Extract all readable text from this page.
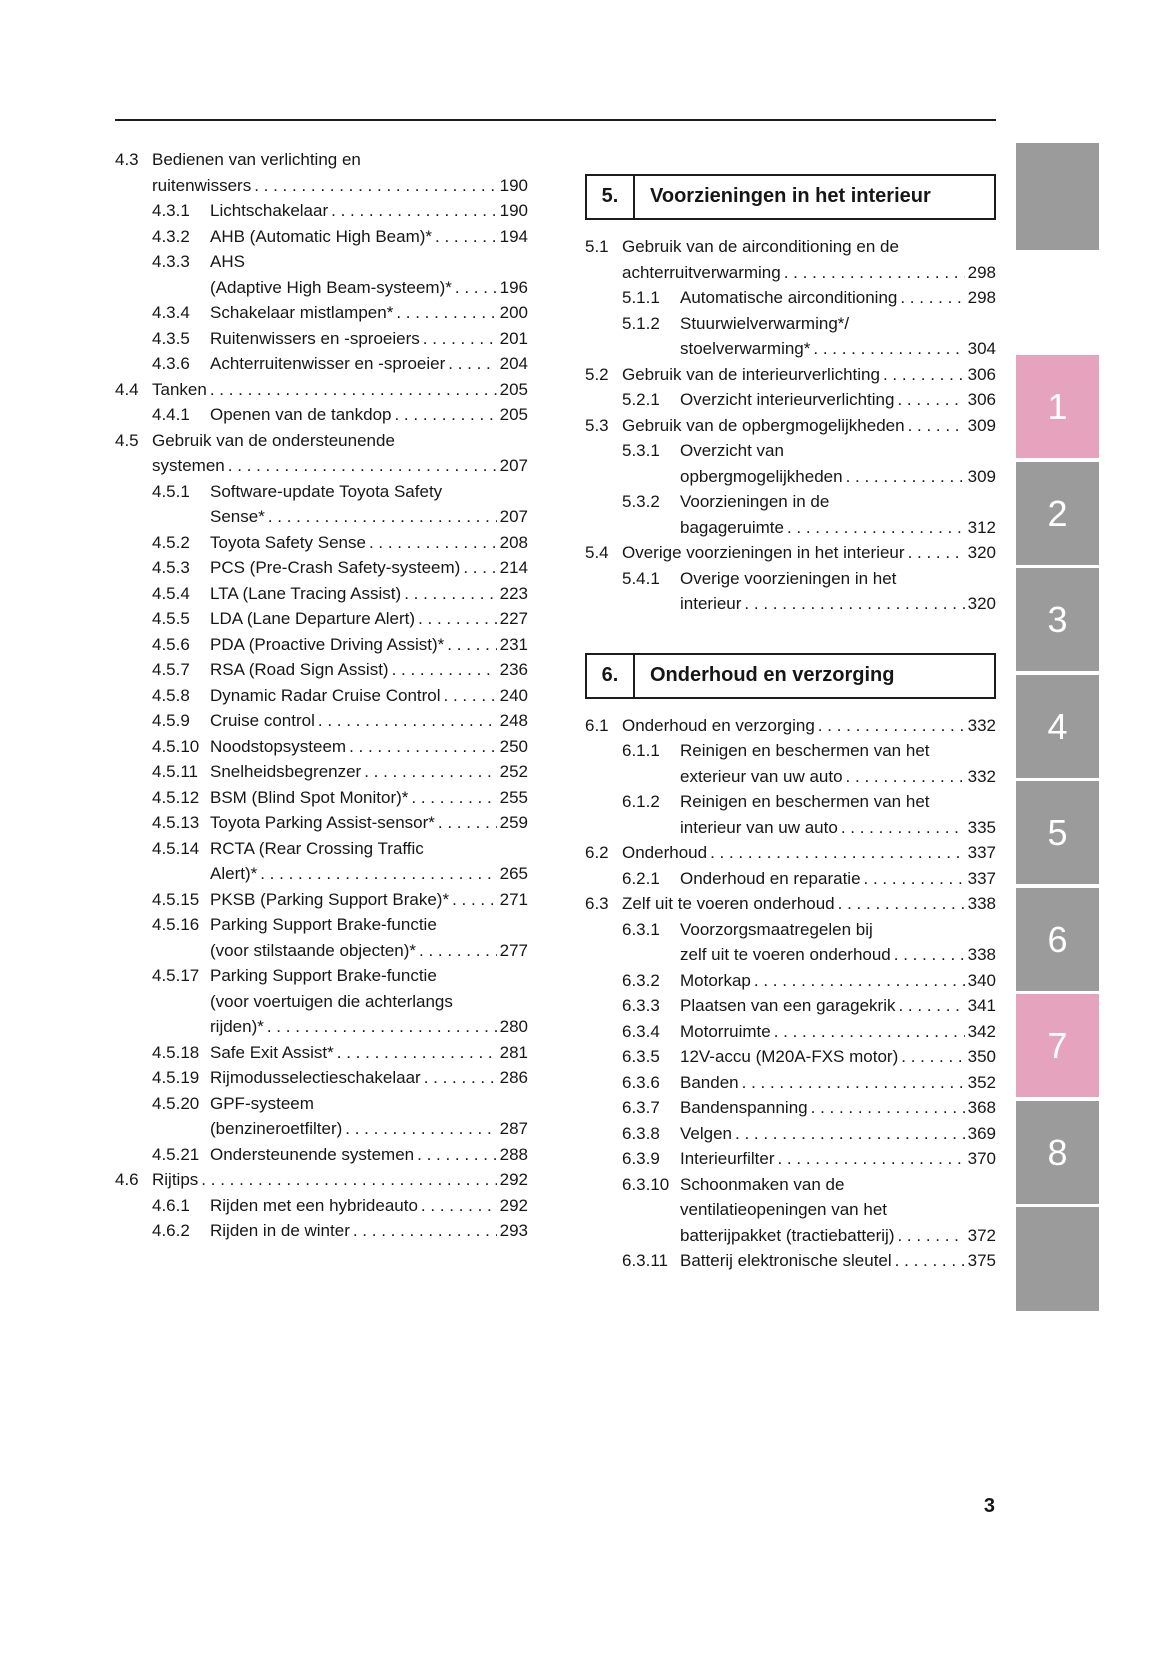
4.3 Bedienen van verlichting en
ruitenwissers . . .	190
4.3.1	Lichtschakelaar . . .	190
4.3.2	AHB (Automatic High Beam)* . . .	194
4.3.3	AHS
(Adaptive High Beam-systeem)* . . .	196
4.3.4	Schakelaar mistlampen* . . .	200
4.3.5	Ruitenwissers en -sproeiers . . .	201
4.3.6	Achterruitenwisser en -sproeier . . .	204
4.4 Tanken . . .	205
4.4.1	Openen van de tankdop . . .	205
4.5 Gebruik van de ondersteunende
systemen . . .	207
4.5.1	Software-update Toyota Safety
Sense* . . .	207
4.5.2	Toyota Safety Sense . . .	208
4.5.3	PCS (Pre-Crash Safety-systeem) . . . 214
4.5.4	LTA (Lane Tracing Assist) . . .	223
4.5.5	LDA (Lane Departure Alert) . . .	227
4.5.6	PDA (Proactive Driving Assist)* . . .	231
4.5.7	RSA (Road Sign Assist) . . .	236
4.5.8	Dynamic Radar Cruise Control . . .	240
4.5.9	Cruise control . . .	248
4.5.10 Noodstopsysteem . . .	250
4.5.11 Snelheidsbegrenzer . . .	252
4.5.12 BSM (Blind Spot Monitor)* . . .	255
4.5.13 Toyota Parking Assist-sensor* . . .	259
4.5.14 RCTA (Rear Crossing Traffic
Alert)* . . .	265
4.5.15 PKSB (Parking Support Brake)* . . .	271
4.5.16 Parking Support Brake-functie
(voor stilstaande objecten)* . . .	277
4.5.17 Parking Support Brake-functie
(voor voertuigen die achterlangs
rijden)* . . .	280
4.5.18 Safe Exit Assist* . . .	281
4.5.19 Rijmodusselectieschakelaar . . .	286
4.5.20 GPF-systeem
(benzineroetfilter) . . .	287
4.5.21 Ondersteunende systemen . . .	288
4.6 Rijtips . . .	292
4.6.1	Rijden met een hybrideauto . . .	292
4.6.2	Rijden in de winter . . .	293
5.	Voorzieningen in het interieur
5.1 Gebruik van de airconditioning en de
achterruitverwarming . . .	298
5.1.1	Automatische airconditioning . . .	298
5.1.2	Stuurwielverwarming*/
stoelverwarming* . . .	304
5.2 Gebruik van de interieurverlichting . . .	306
5.2.1	Overzicht interieurverlichting . . .	306
5.3 Gebruik van de opbergmogelijkheden . . .	309
5.3.1	Overzicht van
opbergmogelijkheden . . .	309
5.3.2	Voorzieningen in de
bagageruimte . . .	312
5.4 Overige voorzieningen in het interieur . . .	320
5.4.1	Overige voorzieningen in het
interieur . . .	320
6.	Onderhoud en verzorging
6.1 Onderhoud en verzorging . . .	332
6.1.1	Reinigen en beschermen van het
exterieur van uw auto . . .	332
6.1.2	Reinigen en beschermen van het
interieur van uw auto . . .	335
6.2 Onderhoud . . .	337
6.2.1	Onderhoud en reparatie . . .	337
6.3 Zelf uit te voeren onderhoud . . .	338
6.3.1	Voorzorgsmaatregelen bij
zelf uit te voeren onderhoud . . .	338
6.3.2	Motorkap . . .	340
6.3.3	Plaatsen van een garagekrik . . .	341
6.3.4	Motorruimte . . .	342
6.3.5	12V-accu (M20A-FXS motor) . . .	350
6.3.6	Banden . . .	352
6.3.7	Bandenspanning . . .	368
6.3.8	Velgen . . .	369
6.3.9	Interieurfilter . . .	370
6.3.10 Schoonmaken van de
ventilatieopeningen van het
batterijpakket (tractiebatterij) . . .	372
6.3.11 Batterij elektronische sleutel . . .	375
1
2
3
4
5
6
7
8
3
